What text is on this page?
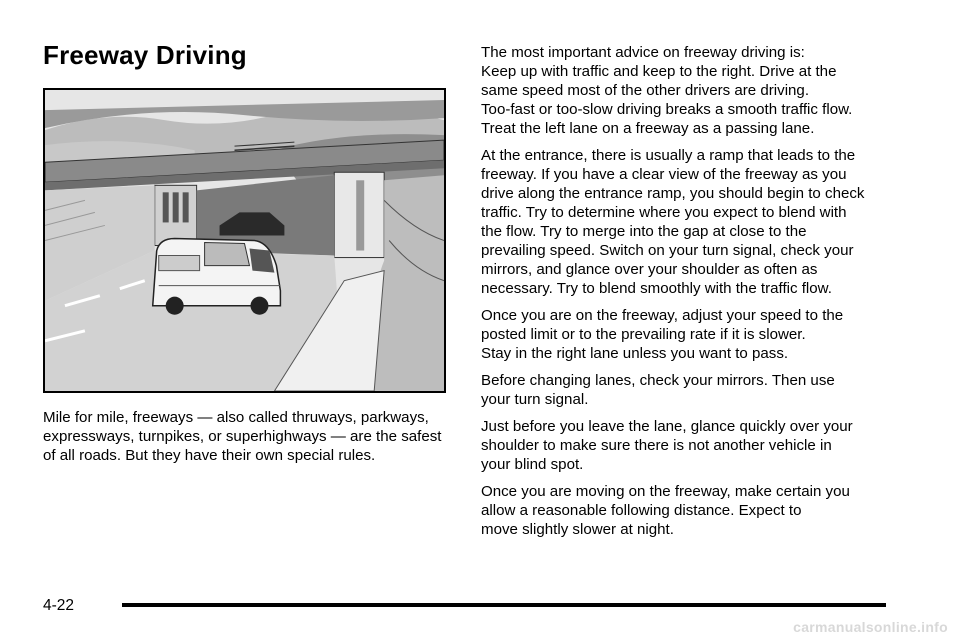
Freeway Driving

Mile for mile, freeways — also called thruways, parkways, expressways, turnpikes, or superhighways — are the safest of all roads. But they have their own special rules.

The most important advice on freeway driving is:
Keep up with traffic and keep to the right. Drive at the
same speed most of the other drivers are driving.
Too-fast or too-slow driving breaks a smooth traffic flow.
Treat the left lane on a freeway as a passing lane.

At the entrance, there is usually a ramp that leads to the
freeway. If you have a clear view of the freeway as you
drive along the entrance ramp, you should begin to check
traffic. Try to determine where you expect to blend with
the flow. Try to merge into the gap at close to the
prevailing speed. Switch on your turn signal, check your
mirrors, and glance over your shoulder as often as
necessary. Try to blend smoothly with the traffic flow.

Once you are on the freeway, adjust your speed to the
posted limit or to the prevailing rate if it is slower.
Stay in the right lane unless you want to pass.

Before changing lanes, check your mirrors. Then use
your turn signal.

Just before you leave the lane, glance quickly over your
shoulder to make sure there is not another vehicle in
your blind spot.

Once you are moving on the freeway, make certain you
allow a reasonable following distance. Expect to
move slightly slower at night.

4-22
carmanualsonline.info
